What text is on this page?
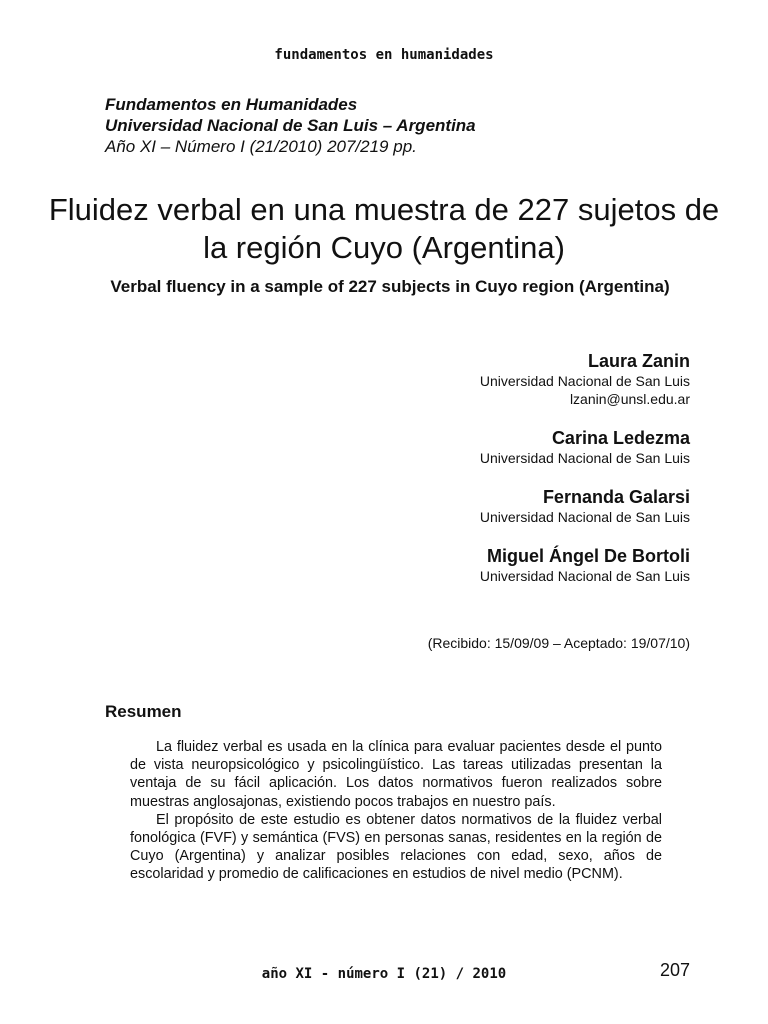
fundamentos en humanidades
Fundamentos en Humanidades
Universidad Nacional de San Luis – Argentina
Año XI – Número I (21/2010) 207/219 pp.
Fluidez verbal en una muestra de 227 sujetos de la región Cuyo (Argentina)
Verbal fluency in a sample of 227 subjects in Cuyo region (Argentina)
Laura Zanin
Universidad Nacional de San Luis
lzanin@unsl.edu.ar
Carina Ledezma
Universidad Nacional de San Luis
Fernanda Galarsi
Universidad Nacional de San Luis
Miguel Ángel De Bortoli
Universidad Nacional de San Luis
(Recibido: 15/09/09 – Aceptado: 19/07/10)
Resumen

La fluidez verbal es usada en la clínica para evaluar pacientes desde el punto de vista neuropsicológico y psicolingüístico. Las tareas utilizadas presentan la ventaja de su fácil aplicación. Los datos normativos fueron realizados sobre muestras anglosajonas, existiendo pocos trabajos en nuestro país.

El propósito de este estudio es obtener datos normativos de la fluidez verbal fonológica (FVF) y semántica (FVS) en personas sanas, residentes en la región de Cuyo (Argentina) y analizar posibles relaciones con edad, sexo, años de escolaridad y promedio de calificaciones en estudios de nivel medio (PCNM).

año XI - número I (21) / 2010	207
